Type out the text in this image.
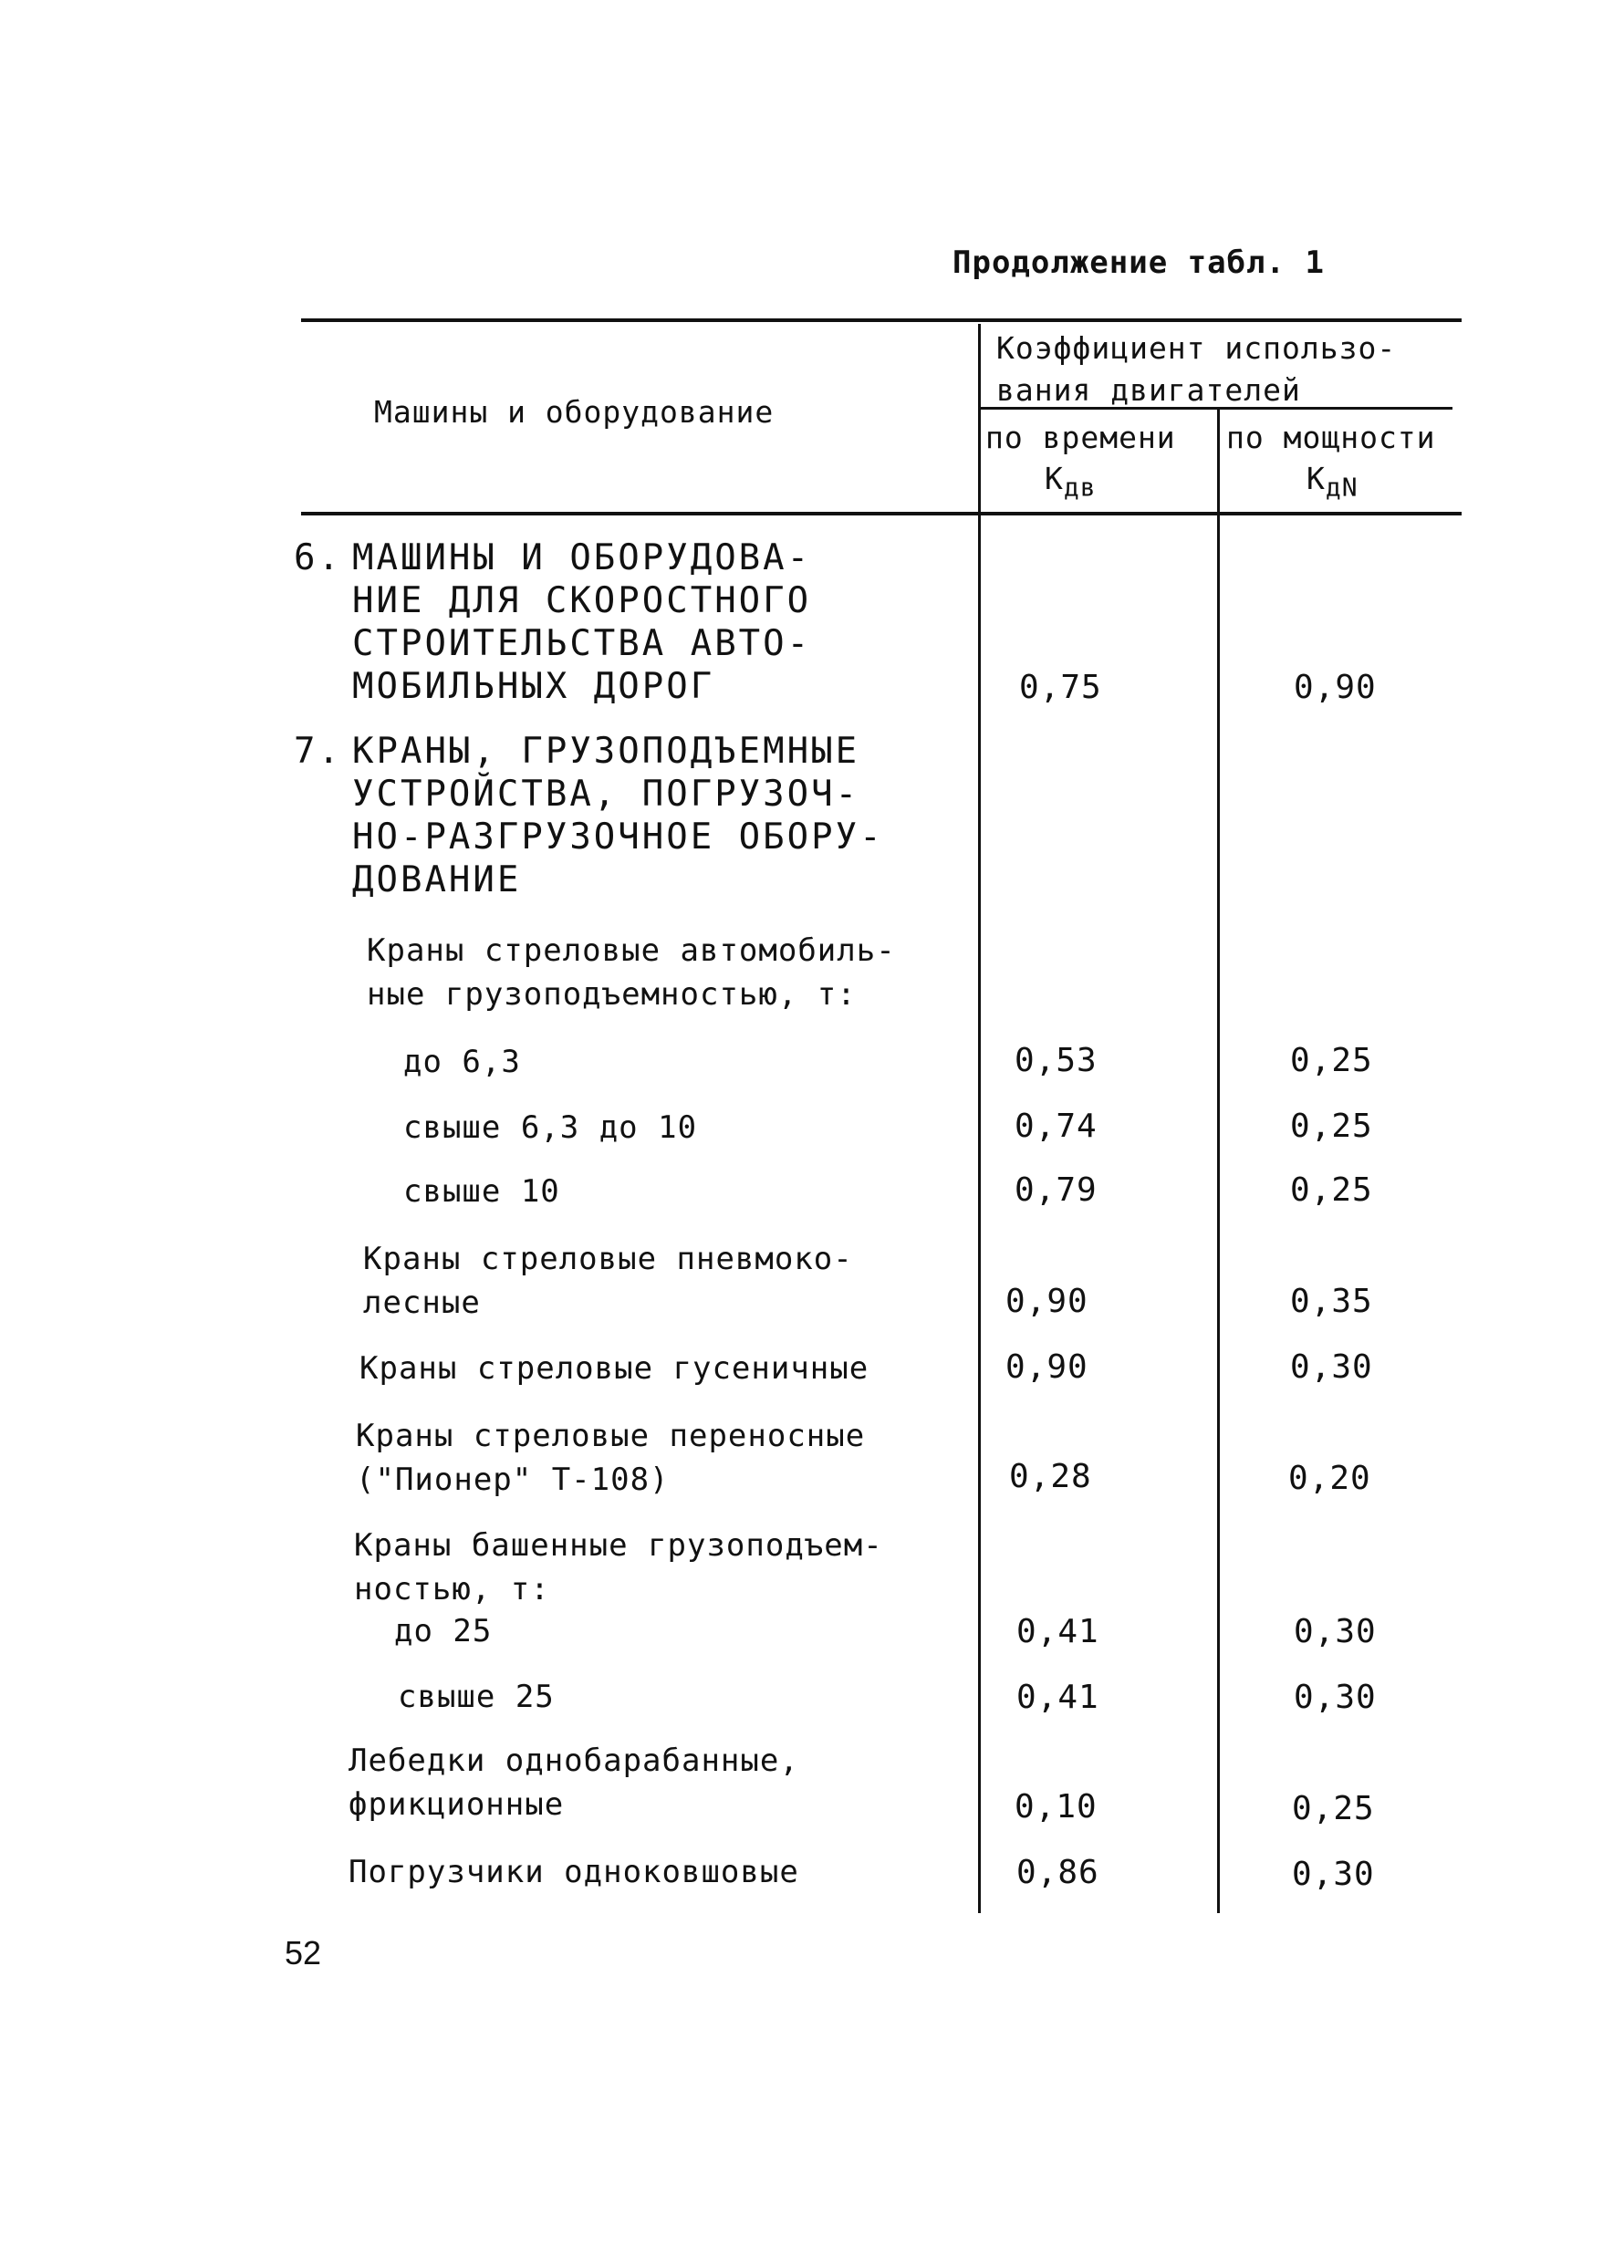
Продолжение табл. 1
Машины и оборудование
Коэффициент использо-
вания двигателей
по времени
$К_{дв}$
по мощности
$К_{дN}$
6. МАШИНЫ И ОБОРУДОВА-
НИЕ ДЛЯ СКОРОСТНОГО
СТРОИТЕЛЬСТВА АВТО-
МОБИЛЬНЫХ ДОРОГ	0,75	0,90
7. КРАНЫ, ГРУЗОПОДЪЕМНЫЕ
УСТРОЙСТВА, ПОГРУЗОЧ-
НО-РАЗГРУЗОЧНОЕ ОБОРУ-
ДОВАНИЕ
Краны стреловые автомобиль-
ные грузоподъемностью, т:
до 6,3	0,53	0,25
свыше 6,3 до 10	0,74	0,25
свыше 10	0,79	0,25
Краны стреловые пневмоко-
лесные	0,90	0,35
Краны стреловые гусеничные	0,90	0,30
Краны стреловые переносные
("Пионер" Т-108)	0,28	0,20
Краны башенные грузоподъем-
ностью, т:
до 25	0,41	0,30
свыше 25	0,41	0,30
Лебедки однобарабанные,
фрикционные	0,10	0,25
Погрузчики одноковшовые	0,86	0,30
52
